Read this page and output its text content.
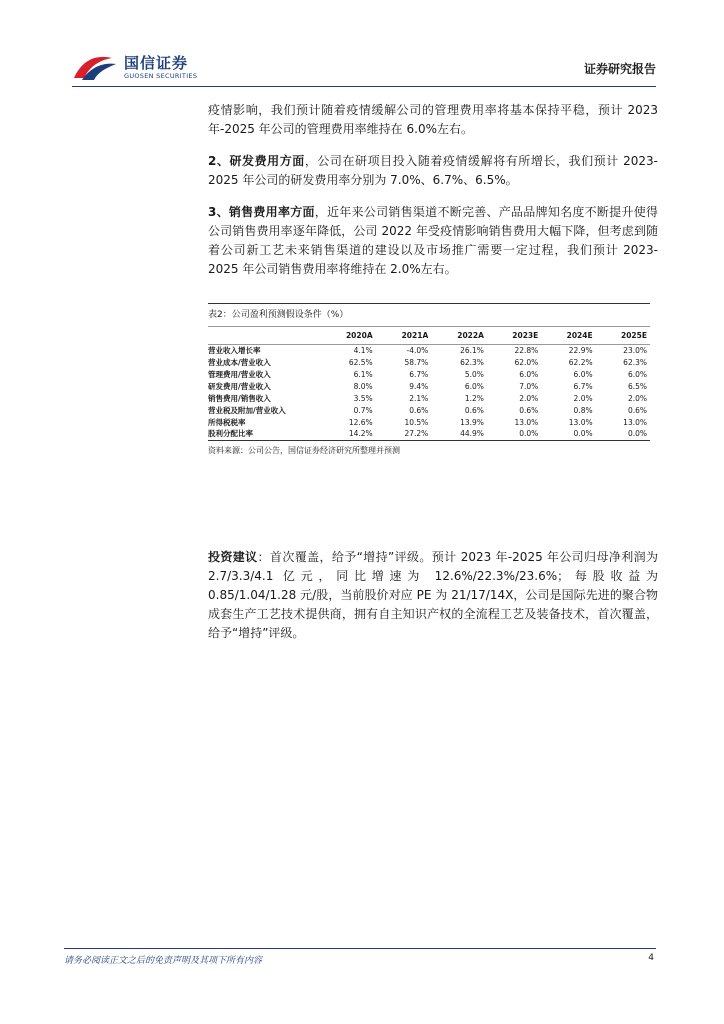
国信证券
GUOSEN SECURITIES	证券研究报告

疫情影响，我们预计随着疫情缓解公司的管理费用率将基本保持平稳，预计 2023 年-2025 年公司的管理费用率维持在 6.0%左右。

2、研发费用方面，公司在研项目投入随着疫情缓解将有所增长，我们预计 2023-2025 年公司的研发费用率分别为 7.0%、6.7%、6.5%。

3、销售费用率方面，近年来公司销售渠道不断完善、产品品牌知名度不断提升使得公司销售费用率逐年降低，公司 2022 年受疫情影响销售费用大幅下降，但考虑到随着公司新工艺未来销售渠道的建设以及市场推广需要一定过程，我们预计 2023-2025 年公司销售费用率将维持在 2.0%左右。

表2：公司盈利预测假设条件（%）
	2020A	2021A	2022A	2023E	2024E	2025E
营业收入增长率	4.1%	-4.0%	26.1%	22.8%	22.9%	23.0%
营业成本/营业收入	62.5%	58.7%	62.3%	62.0%	62.2%	62.3%
管理费用/营业收入	6.1%	6.7%	5.0%	6.0%	6.0%	6.0%
研发费用/营业收入	8.0%	9.4%	6.0%	7.0%	6.7%	6.5%
销售费用/销售收入	3.5%	2.1%	1.2%	2.0%	2.0%	2.0%
营业税及附加/营业收入	0.7%	0.6%	0.6%	0.6%	0.8%	0.6%
所得税税率	12.6%	10.5%	13.9%	13.0%	13.0%	13.0%
股利分配比率	14.2%	27.2%	44.9%	0.0%	0.0%	0.0%
资料来源：公司公告，国信证券经济研究所整理并预测

投资建议：首次覆盖，给予“增持”评级。预计 2023 年-2025 年公司归母净利润为 2.7/3.3/4.1 亿元，同比增速为 12.6%/22.3%/23.6%；每股收益为 0.85/1.04/1.28 元/股，当前股价对应 PE 为 21/17/14X，公司是国际先进的聚合物成套生产工艺技术提供商，拥有自主知识产权的全流程工艺及装备技术，首次覆盖，给予“增持”评级。

请务必阅读正文之后的免责声明及其项下所有内容	4
